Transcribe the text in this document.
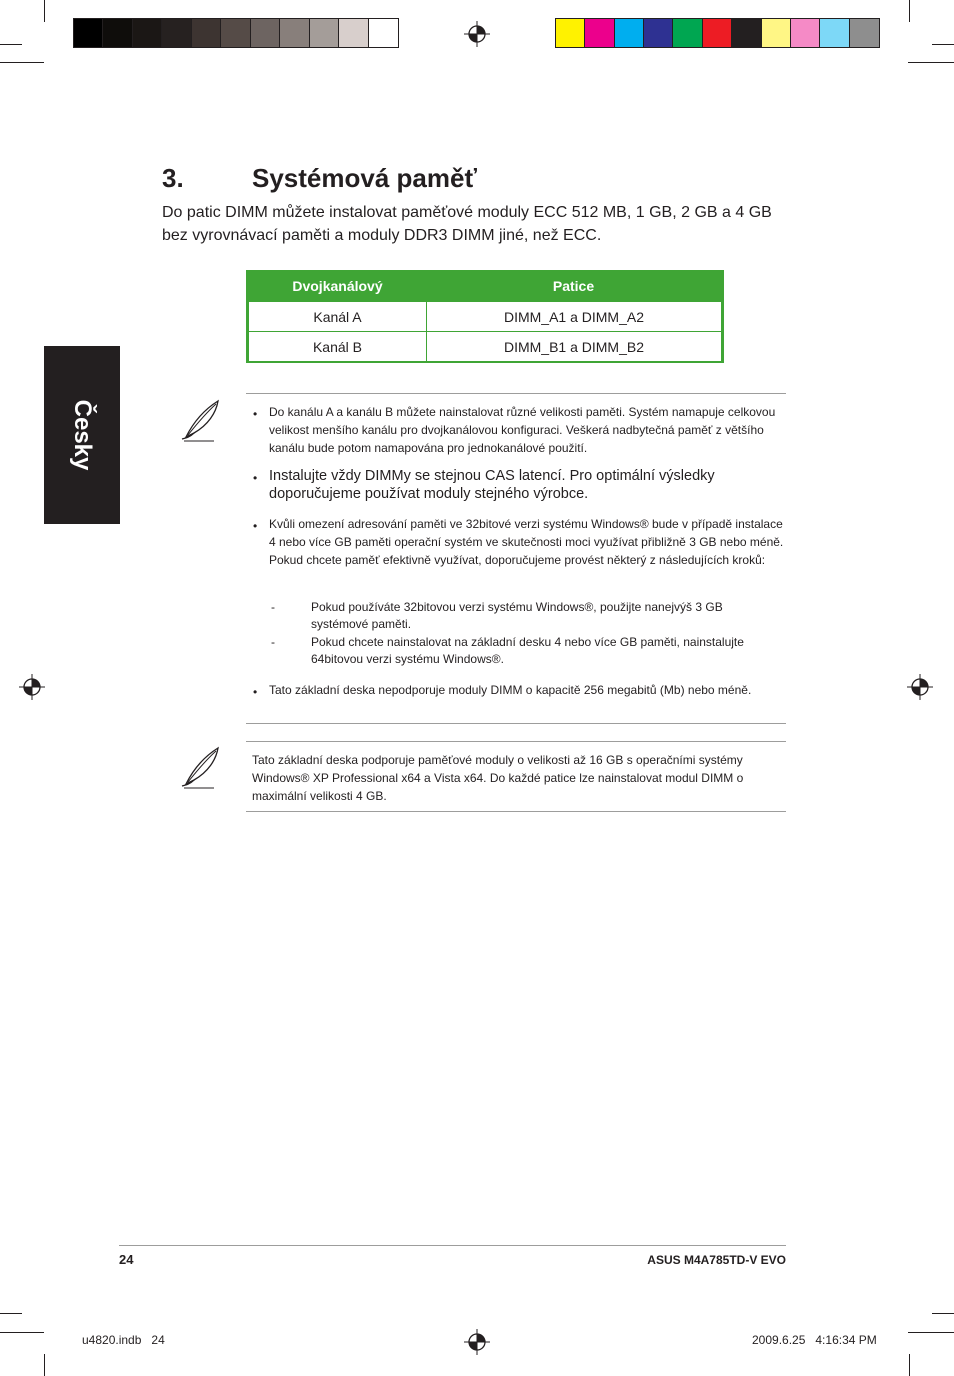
Česky
3.	Systémová paměť
Do patic DIMM můžete instalovat paměťové moduly ECC 512 MB, 1 GB, 2 GB a 4 GB bez vyrovnávací paměti a moduly DDR3 DIMM jiné, než ECC.
Dvojkanálový	Patice
Kanál A	DIMM_A1 a DIMM_A2
Kanál B	DIMM_B1 a DIMM_B2
• Do kanálu A a kanálu B můžete nainstalovat různé velikosti paměti. Systém namapuje celkovou velikost menšího kanálu pro dvojkanálovou konfiguraci. Veškerá nadbytečná paměť z většího kanálu bude potom namapována pro jednokanálové použití.
• Instalujte vždy DIMMy se stejnou CAS latencí. Pro optimální výsledky doporučujeme používat moduly stejného výrobce.
• Kvůli omezení adresování paměti ve 32bitové verzi systému Windows® bude v případě instalace 4 nebo více GB paměti operační systém ve skutečnosti moci využívat přibližně 3 GB nebo méně. Pokud chcete paměť efektivně využívat, doporučujeme provést některý z následujících kroků:
-	Pokud používáte 32bitovou verzi systému Windows®, použijte nanejvýš 3 GB systémové paměti.
-	Pokud chcete nainstalovat na základní desku 4 nebo více GB paměti, nainstalujte 64bitovou verzi systému Windows®.
• Tato základní deska nepodporuje moduly DIMM o kapacitě 256 megabitů (Mb) nebo méně.
Tato základní deska podporuje paměťové moduly o velikosti až 16 GB s operačními systémy Windows® XP Professional x64 a Vista x64. Do každé patice lze nainstalovat modul DIMM o maximální velikosti 4 GB.
24	ASUS M4A785TD-V EVO
u4820.indb   24	2009.6.25   4:16:34 PM
